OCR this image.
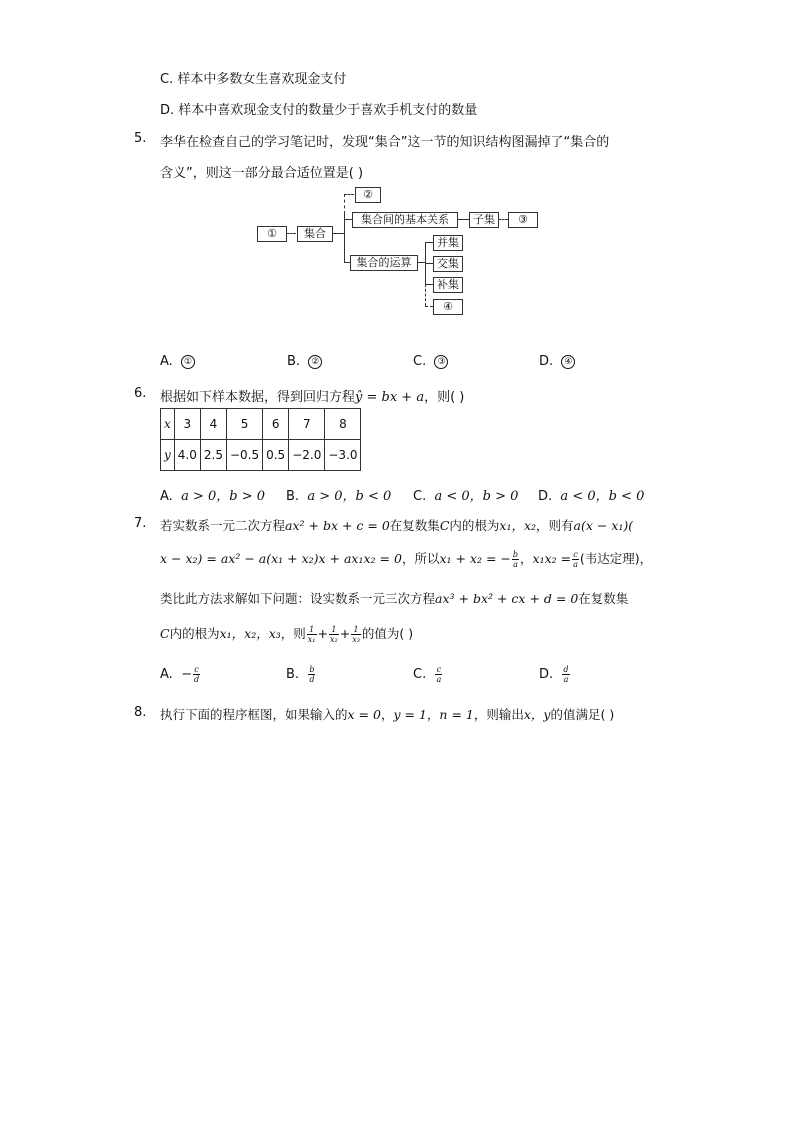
C. 样本中多数女生喜欢现金支付
D. 样本中喜欢现金支付的数量少于喜欢手机支付的数量
5. 李华在检查自己的学习笔记时，发现“集合”这一节的知识结构图漏掉了“集合的
含义”，则这一部分最合适位置是( )
①	集合
②
集合间的基本关系	子集	③
集合的运算
并集
交集
补集
④
A. ①	B. ②	C. ③	D. ④
6. 根据如下样本数据，得到回归方程ŷ = bx + a，则( )
x	3	4	5	6	7	8
y	4.0	2.5	−0.5	0.5	−2.0	−3.0
A. a > 0，b > 0 B. a > 0，b < 0 C. a < 0，b > 0 D. a < 0，b < 0
7. 若实数系一元二次方程ax² + bx + c = 0在复数集C内的根为x₁，x₂，则有a(x − x₁)(
x − x₂) = ax² − a(x₁ + x₂)x + ax₁x₂ = 0，所以x₁ + x₂ = − $\frac{b}{a}$ ，$x_1x_2 = \frac{c}{a}$ (韦达定理)，
类比此方法求解如下问题：设实数系一元三次方程ax³ + bx² + cx + d = 0在复数集
C内的根为x₁，x₂，x₃，则 $\frac{1}{\text{x₁}} + \frac{1}{\text{x₂}} + \frac{1}{\text{x₃}}$ 的值为( )
A. − $\frac{c}{d}$	B. $\frac{b}{d}$	C. $\frac{c}{a}$	D. $\frac{d}{a}$
8. 执行下面的程序框图，如果输入的x = 0，y = 1，n = 1，则输出x，y的值满足( )
